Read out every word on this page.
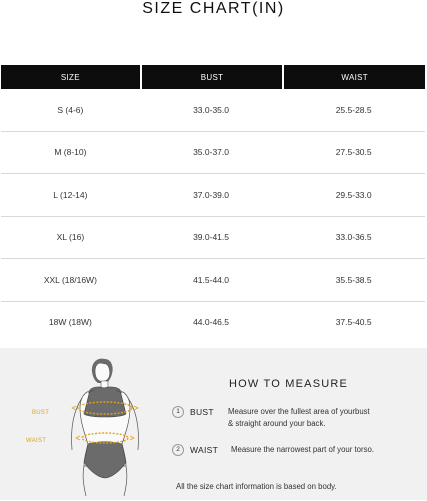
SIZE CHART(IN)
SIZE	BUST	WAIST
S (4-6)	33.0-35.0	25.5-28.5
M (8-10)	35.0-37.0	27.5-30.5
L (12-14)	37.0-39.0	29.5-33.0
XL (16)	39.0-41.5	33.0-36.5
XXL (18/16W)	41.5-44.0	35.5-38.5
18W (18W)	44.0-46.5	37.5-40.5
BUST
WAIST
HOW TO MEASURE
1	BUST Measure over the fullest area of yourbust
& straight around your back.
2	WAIST Measure the narrowest part of your torso.
All the size chart information is based on body.
